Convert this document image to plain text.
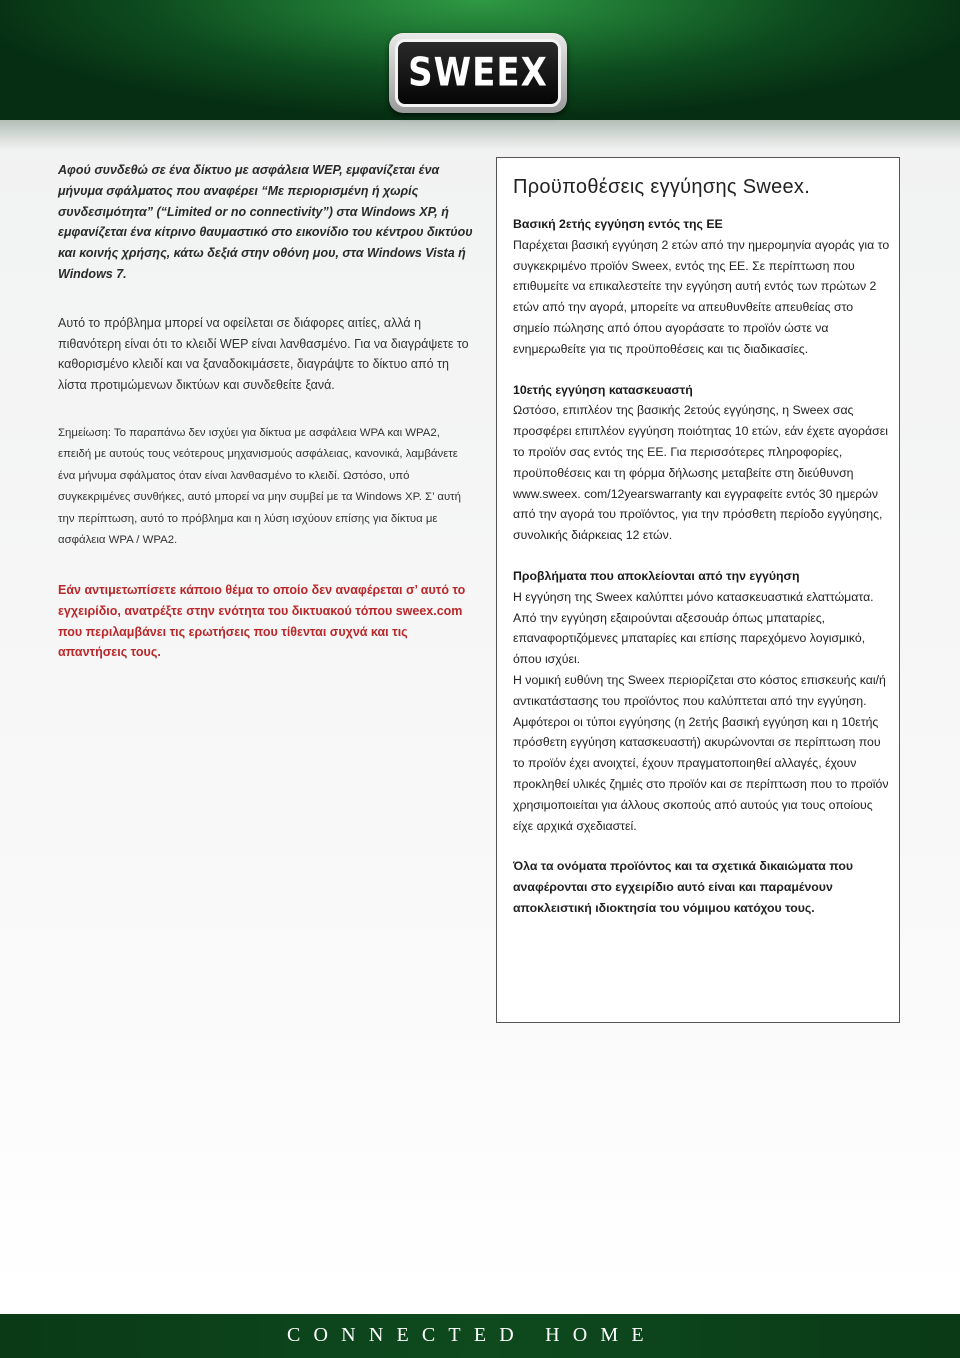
SWEEX

Αφού συνδεθώ σε ένα δίκτυο με ασφάλεια WEP, εμφανίζεται ένα μήνυμα σφάλματος που αναφέρει “Με περιορισμένη ή χωρίς συνδεσιμότητα” (“Limited or no connectivity”) στα Windows XP, ή εμφανίζεται ένα κίτρινο θαυμαστικό στο εικονίδιο του κέντρου δικτύου και κοινής χρήσης, κάτω δεξιά στην οθόνη μου, στα Windows Vista ή Windows 7.

Αυτό το πρόβλημα μπορεί να οφείλεται σε διάφορες αιτίες, αλλά η πιθανότερη είναι ότι το κλειδί WEP είναι λανθασμένο. Για να διαγράψετε το καθορισμένο κλειδί και να ξαναδοκιμάσετε, διαγράψτε το δίκτυο από τη λίστα προτιμώμενων δικτύων και συνδεθείτε ξανά.

Σημείωση: Το παραπάνω δεν ισχύει για δίκτυα με ασφάλεια WPA και WPA2, επειδή με αυτούς τους νεότερους μηχανισμούς ασφάλειας, κανονικά, λαμβάνετε ένα μήνυμα σφάλματος όταν είναι λανθασμένο το κλειδί. Ωστόσο, υπό συγκεκριμένες συνθήκες, αυτό μπορεί να μην συμβεί με τα Windows XP. Σ’ αυτή την περίπτωση, αυτό το πρόβλημα και η λύση ισχύουν επίσης για δίκτυα με ασφάλεια WPA / WPA2.

Εάν αντιμετωπίσετε κάποιο θέμα το οποίο δεν αναφέρεται σ’ αυτό το εγχειρίδιο, ανατρέξτε στην ενότητα του δικτυακού τόπου sweex.com που περιλαμβάνει τις ερωτήσεις που τίθενται συχνά και τις απαντήσεις τους.

Προϋποθέσεις εγγύησης Sweex.
Βασική 2ετής εγγύηση εντός της ΕΕ

Παρέχεται βασική εγγύηση 2 ετών από την ημερομηνία αγοράς για το συγκεκριμένο προϊόν Sweex, εντός της ΕΕ. Σε περίπτωση που επιθυμείτε να επικαλεστείτε την εγγύηση αυτή εντός των πρώτων 2 ετών από την αγορά, μπορείτε να απευθυνθείτε απευθείας στο σημείο πώλησης από όπου αγοράσατε το προϊόν ώστε να ενημερωθείτε για τις προϋποθέσεις και τις διαδικασίες.

10ετής εγγύηση κατασκευαστή

Ωστόσο, επιπλέον της βασικής 2ετούς εγγύησης, η Sweex σας προσφέρει επιπλέον εγγύηση ποιότητας 10 ετών, εάν έχετε αγοράσει το προϊόν σας εντός της ΕΕ. Για περισσότερες πληροφορίες, προϋποθέσεις και τη φόρμα δήλωσης μεταβείτε στη διεύθυνση www.sweex. com/12yearswarranty και εγγραφείτε εντός 30 ημερών από την αγορά του προϊόντος, για την πρόσθετη περίοδο εγγύησης, συνολικής διάρκειας 12 ετών.

Προβλήματα που αποκλείονται από την εγγύηση

Η εγγύηση της Sweex καλύπτει μόνο κατασκευαστικά ελαττώματα. Από την εγγύηση εξαιρούνται αξεσουάρ όπως μπαταρίες, επαναφορτιζόμενες μπαταρίες και επίσης παρεχόμενο λογισμικό, όπου ισχύει.

Η νομική ευθύνη της Sweex περιορίζεται στο κόστος επισκευής και/ή αντικατάστασης του προϊόντος που καλύπτεται από την εγγύηση.

Αμφότεροι οι τύποι εγγύησης (η 2ετής βασική εγγύηση και η 10ετής πρόσθετη εγγύηση κατασκευαστή) ακυρώνονται σε περίπτωση που το προϊόν έχει ανοιχτεί, έχουν πραγματοποιηθεί αλλαγές, έχουν προκληθεί υλικές ζημιές στο προϊόν και σε περίπτωση που το προϊόν χρησιμοποιείται για άλλους σκοπούς από αυτούς για τους οποίους είχε αρχικά σχεδιαστεί.

Όλα τα ονόματα προϊόντος και τα σχετικά δικαιώματα που αναφέρονται στο εγχειρίδιο αυτό είναι και παραμένουν αποκλειστική ιδιοκτησία του νόμιμου κατόχου τους.

CONNECTED HOME
